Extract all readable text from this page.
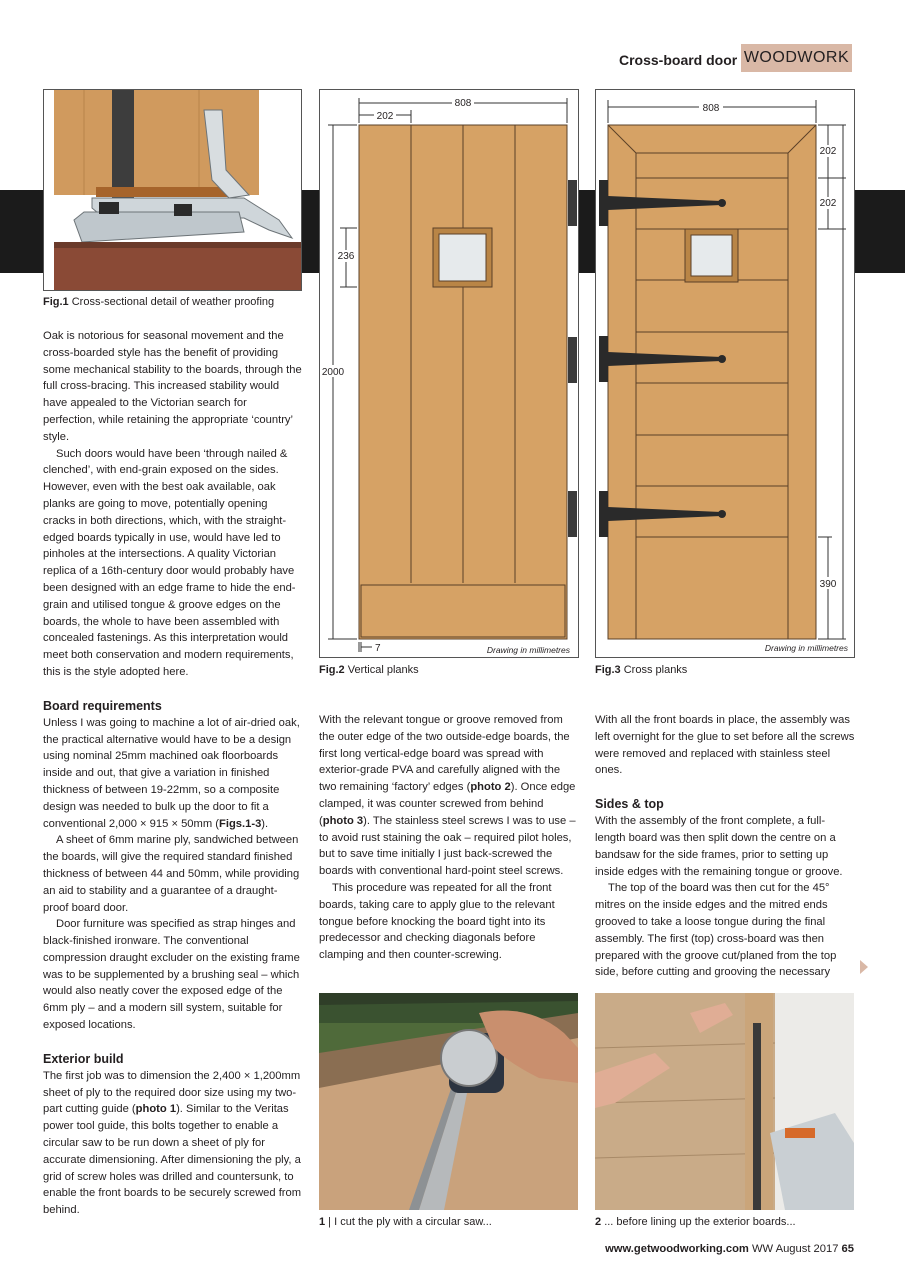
Cross-board door WOODWORK
Fig.1 Cross-sectional detail of weather proofing
808
202
236
2000
7	Drawing in millimetres
Fig.2 Vertical planks
808
202
202
390
Drawing in millimetres
Fig.3 Cross planks

Oak is notorious for seasonal movement and the cross-boarded style has the benefit of providing some mechanical stability to the boards, through the full cross-bracing. This increased stability would have appealed to the Victorian search for perfection, while retaining the appropriate ‘country’ style.

Such doors would have been ‘through nailed & clenched’, with end-grain exposed on the sides. However, even with the best oak available, oak planks are going to move, potentially opening cracks in both directions, which, with the straight-edged boards typically in use, would have led to pinholes at the intersections. A quality Victorian replica of a 16th-century door would probably have been designed with an edge frame to hide the end-grain and utilised tongue & groove edges on the boards, the whole to have been assembled with concealed fastenings. As this interpretation would meet both conservation and modern requirements, this is the style adopted here.

Board requirements

Unless I was going to machine a lot of air-dried oak, the practical alternative would have to be a design using nominal 25mm machined oak floorboards inside and out, that give a variation in finished thickness of between 19-22mm, so a composite design was needed to bulk up the door to fit a conventional 2,000 × 915 × 50mm (Figs.1-3).

A sheet of 6mm marine ply, sandwiched between the boards, will give the required standard finished thickness of between 44 and 50mm, while providing an aid to stability and a guarantee of a draught-proof board door.

Door furniture was specified as strap hinges and black-finished ironware. The conventional compression draught excluder on the existing frame was to be supplemented by a brushing seal – which would also neatly cover the exposed edge of the 6mm ply – and a modern sill system, suitable for exposed locations.

Exterior build

The first job was to dimension the 2,400 × 1,200mm sheet of ply to the required door size using my two-part cutting guide (photo 1). Similar to the Veritas power tool guide, this bolts together to enable a circular saw to be run down a sheet of ply for accurate dimensioning. After dimensioning the ply, a grid of screw holes was drilled and countersunk, to enable the front boards to be securely screwed from behind.

With the relevant tongue or groove removed from the outer edge of the two outside-edge boards, the first long vertical-edge board was spread with exterior-grade PVA and carefully aligned with the two remaining ‘factory’ edges (photo 2). Once edge clamped, it was counter screwed from behind (photo 3). The stainless steel screws I was to use – to avoid rust staining the oak – required pilot holes, but to save time initially I just back-screwed the boards with conventional hard-point steel screws.

This procedure was repeated for all the front boards, taking care to apply glue to the relevant tongue before knocking the board tight into its predecessor and checking diagonals before clamping and then counter-screwing.

With all the front boards in place, the assembly was left overnight for the glue to set before all the screws were removed and replaced with stainless steel ones.

Sides & top

With the assembly of the front complete, a full-length board was then split down the centre on a bandsaw for the side frames, prior to setting up inside edges with the remaining tongue or groove.

The top of the board was then cut for the 45° mitres on the inside edges and the mitred ends grooved to take a loose tongue during the final assembly. The first (top) cross-board was then prepared with the groove cut/planed from the top side, before cutting and grooving the necessary

1 | I cut the ply with a circular saw...	2 ... before lining up the exterior boards...
www.getwoodworking.com WW August 2017 65
